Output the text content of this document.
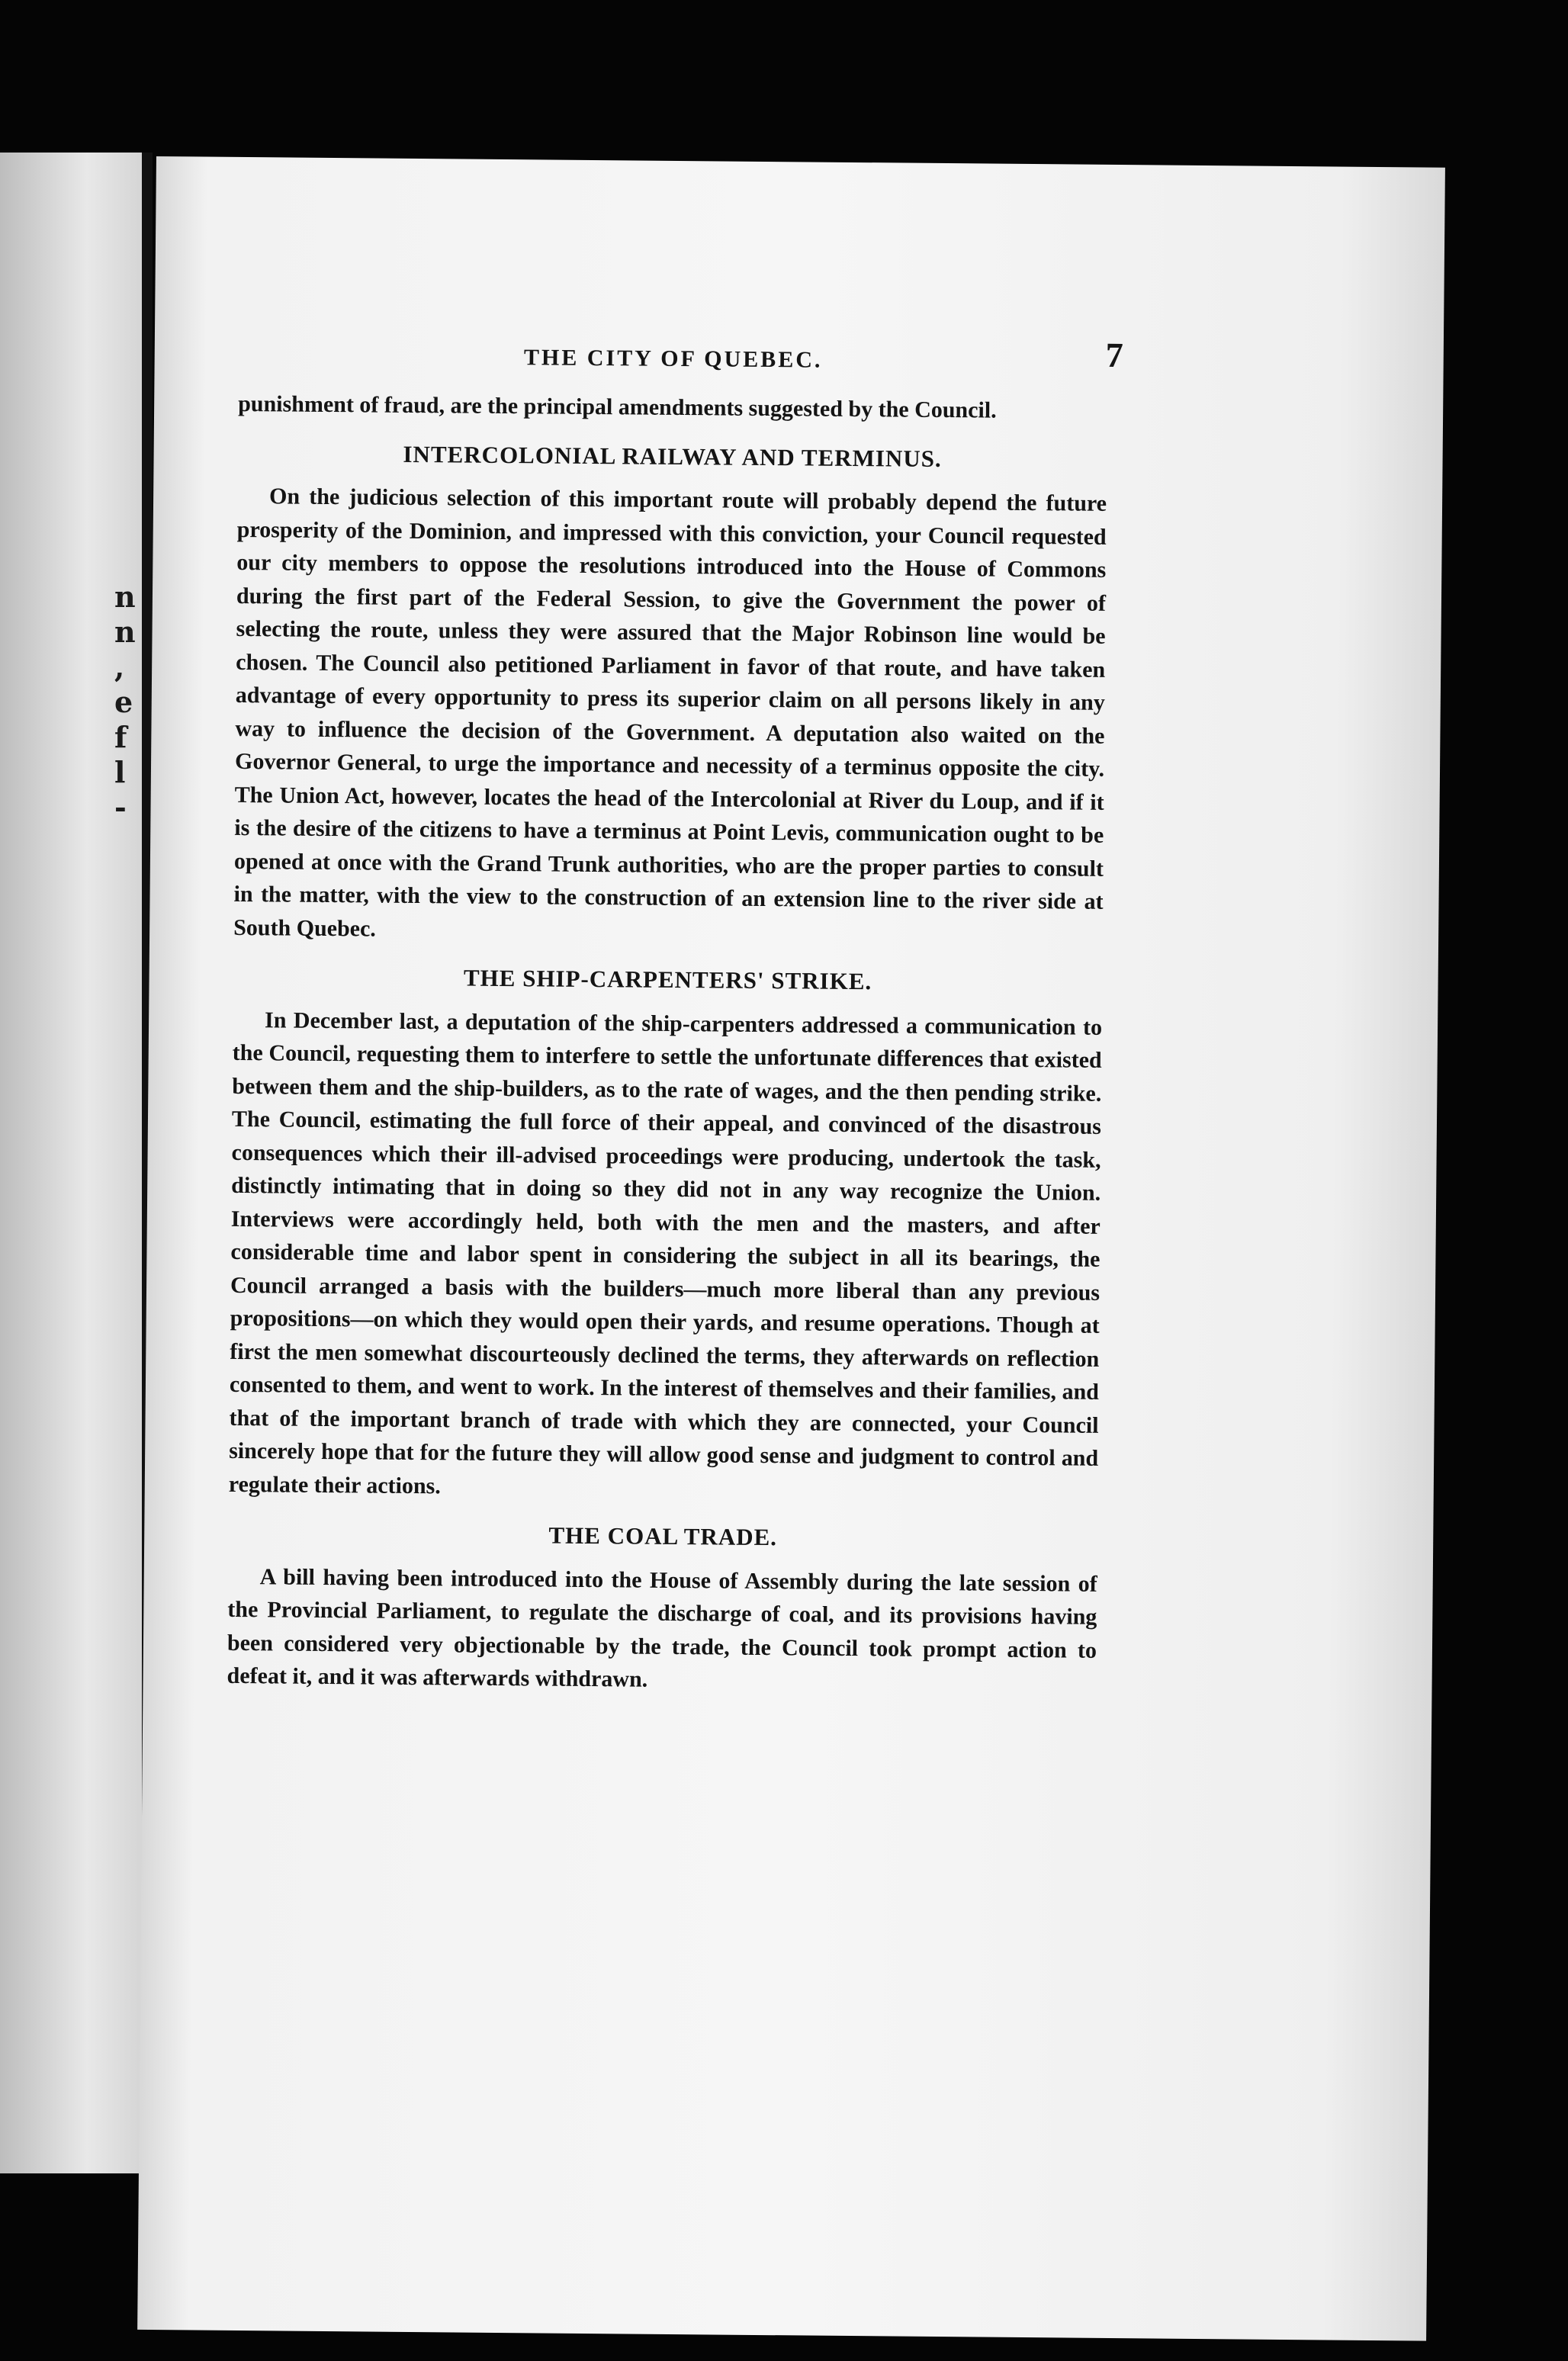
n
n
,
e
f
l
-
THE CITY OF QUEBEC.	7

punishment of fraud, are the principal amendments suggested by the Council.

INTERCOLONIAL RAILWAY AND TERMINUS.

On the judicious selection of this important route will probably depend the future prosperity of the Dominion, and impressed with this conviction, your Council requested our city members to oppose the resolutions introduced into the House of Commons during the first part of the Federal Session, to give the Government the power of selecting the route, unless they were assured that the Major Robinson line would be chosen. The Council also petitioned Parliament in favor of that route, and have taken advantage of every opportunity to press its superior claim on all persons likely in any way to influence the decision of the Government. A deputation also waited on the Governor General, to urge the importance and necessity of a terminus opposite the city. The Union Act, however, locates the head of the Intercolonial at River du Loup, and if it is the desire of the citizens to have a terminus at Point Levis, communication ought to be opened at once with the Grand Trunk authorities, who are the proper parties to consult in the matter, with the view to the construction of an extension line to the river side at South Quebec.

THE SHIP-CARPENTERS' STRIKE.

In December last, a deputation of the ship-carpenters addressed a communication to the Council, requesting them to interfere to settle the unfortunate differences that existed between them and the ship-builders, as to the rate of wages, and the then pending strike. The Council, estimating the full force of their appeal, and convinced of the disastrous consequences which their ill-advised proceedings were producing, undertook the task, distinctly intimating that in doing so they did not in any way recognize the Union. Interviews were accordingly held, both with the men and the masters, and after considerable time and labor spent in considering the subject in all its bearings, the Council arranged a basis with the builders—much more liberal than any previous propositions—on which they would open their yards, and resume operations. Though at first the men somewhat discourteously declined the terms, they afterwards on reflection consented to them, and went to work. In the interest of themselves and their families, and that of the important branch of trade with which they are connected, your Council sincerely hope that for the future they will allow good sense and judgment to control and regulate their actions.

THE COAL TRADE.

A bill having been introduced into the House of Assembly during the late session of the Provincial Parliament, to regulate the discharge of coal, and its provisions having been considered very objectionable by the trade, the Council took prompt action to defeat it, and it was afterwards withdrawn.
